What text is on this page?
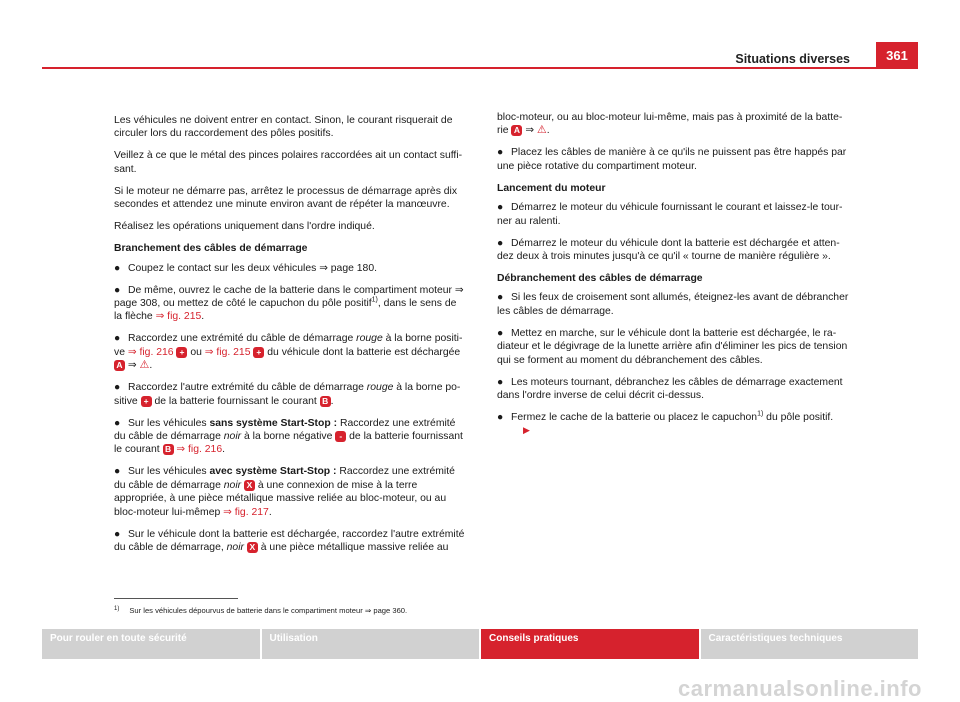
Situations diverses	361

Les véhicules ne doivent entrer en contact. Sinon, le courant risquerait de circuler lors du raccordement des pôles positifs.

Veillez à ce que le métal des pinces polaires raccordées ait un contact suffisant.

Si le moteur ne démarre pas, arrêtez le processus de démarrage après dix secondes et attendez une minute environ avant de répéter la manœuvre.

Réalisez les opérations uniquement dans l'ordre indiqué.

Branchement des câbles de démarrage

● Coupez le contact sur les deux véhicules ⇒ page 180.

● De même, ouvrez le cache de la batterie dans le compartiment moteur ⇒ page 308, ou mettez de côté le capuchon du pôle positif$^{1)}$, dans le sens de la flèche ⇒ fig. 215.

● Raccordez une extrémité du câble de démarrage rouge à la borne positive ⇒ fig. 216 + ou ⇒ fig. 215 + du véhicule dont la batterie est déchargée A ⇒ ⚠.

● Raccordez l'autre extrémité du câble de démarrage rouge à la borne positive + de la batterie fournissant le courant B .

● Sur les véhicules sans système Start-Stop : Raccordez une extrémité du câble de démarrage noir à la borne négative - de la batterie fournissant le courant B ⇒ fig. 216.

● Sur les véhicules avec système Start-Stop : Raccordez une extrémité du câble de démarrage noir X à une connexion de mise à la terre appropriée, à une pièce métallique massive reliée au bloc-moteur, ou au bloc-moteur lui-mêmep ⇒ fig. 217.

● Sur le véhicule dont la batterie est déchargée, raccordez l'autre extrémité du câble de démarrage, noir X à une pièce métallique massive reliée au

bloc-moteur, ou au bloc-moteur lui-même, mais pas à proximité de la batterie A ⇒ ⚠.

● Placez les câbles de manière à ce qu'ils ne puissent pas être happés par une pièce rotative du compartiment moteur.

Lancement du moteur

● Démarrez le moteur du véhicule fournissant le courant et laissez-le tourner au ralenti.

● Démarrez le moteur du véhicule dont la batterie est déchargée et attendez deux à trois minutes jusqu'à ce qu'il « tourne de manière régulière ».

Débranchement des câbles de démarrage

● Si les feux de croisement sont allumés, éteignez-les avant de débrancher les câbles de démarrage.

● Mettez en marche, sur le véhicule dont la batterie est déchargée, le radiateur et le dégivrage de la lunette arrière afin d'éliminer les pics de tension qui se forment au moment du débranchement des câbles.

● Les moteurs tournant, débranchez les câbles de démarrage exactement dans l'ordre inverse de celui décrit ci-dessus.

● Fermez le cache de la batterie ou placez le capuchon$^{1)}$ du pôle positif.▶

$^{1)}$ Sur les véhicules dépourvus de batterie dans le compartiment moteur ⇒ page 360.
Pour rouler en toute sécurité	Utilisation	Conseils pratiques	Caractéristiques techniques
carmanualsonline.info
